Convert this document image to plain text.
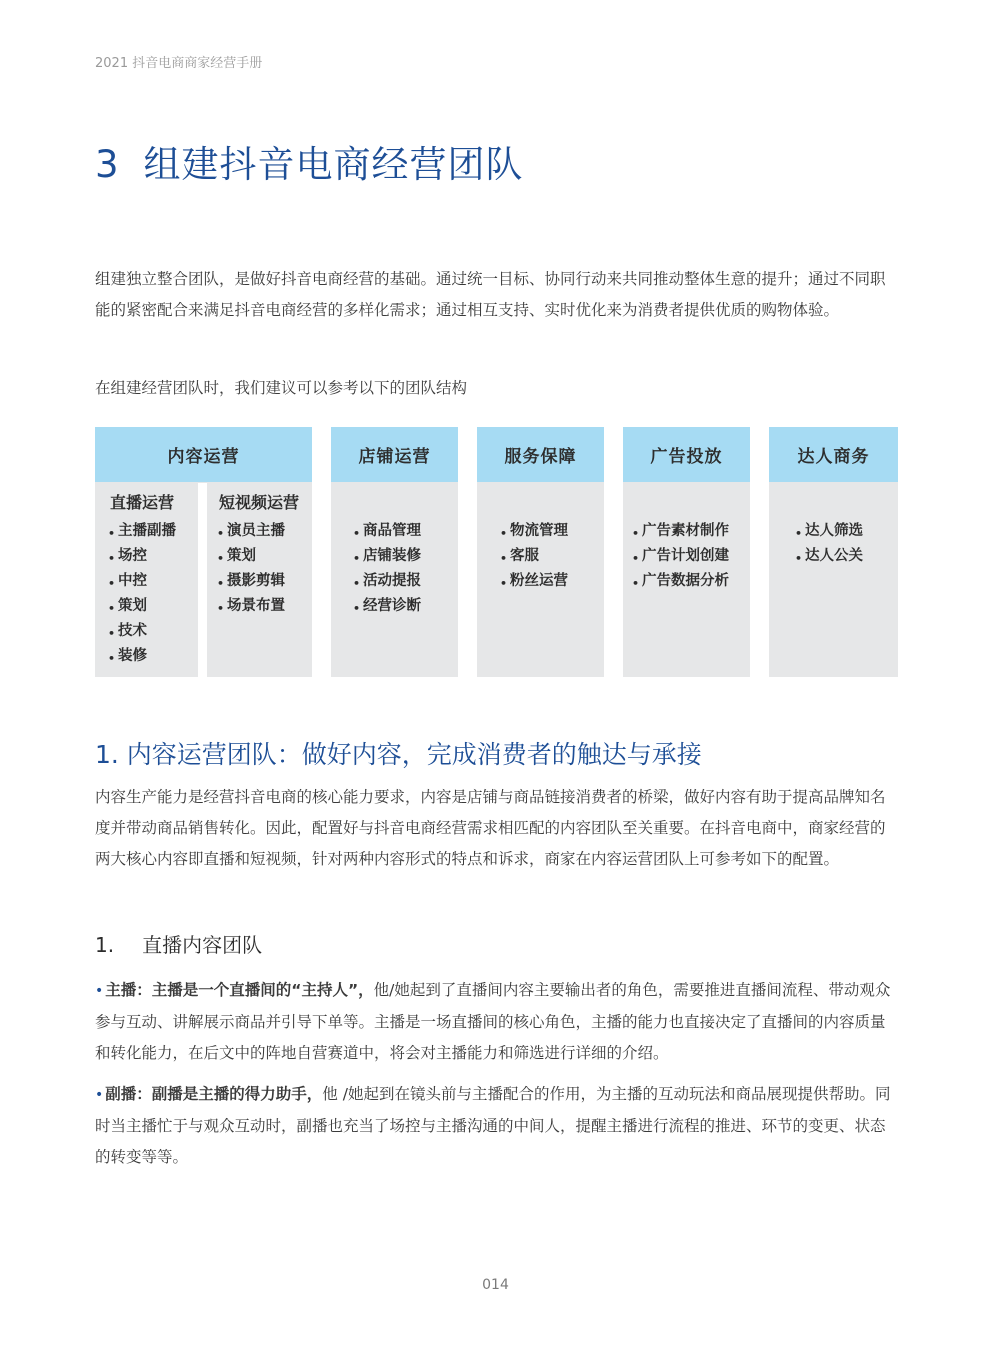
2021 抖音电商商家经营手册
3 组建抖音电商经营团队

组建独立整合团队，是做好抖音电商经营的基础。通过统一目标、协同行动来共同推动整体生意的提升；通过不同职能的紧密配合来满足抖音电商经营的多样化需求；通过相互支持、实时优化来为消费者提供优质的购物体验。

在组建经营团队时，我们建议可以参考以下的团队结构

内容运营
直播运营
• 主播副播
• 场控
• 中控
• 策划
• 技术
• 装修
短视频运营
• 演员主播
• 策划
• 摄影剪辑
• 场景布置
店铺运营
• 商品管理
• 店铺装修
• 活动提报
• 经营诊断
服务保障
• 物流管理
• 客服
• 粉丝运营
广告投放
• 广告素材制作
• 广告计划创建
• 广告数据分析
达人商务
• 达人筛选
• 达人公关
1. 内容运营团队：做好内容，完成消费者的触达与承接

内容生产能力是经营抖音电商的核心能力要求，内容是店铺与商品链接消费者的桥梁，做好内容有助于提高品牌知名度并带动商品销售转化。因此，配置好与抖音电商经营需求相匹配的内容团队至关重要。在抖音电商中，商家经营的两大核心内容即直播和短视频，针对两种内容形式的特点和诉求，商家在内容运营团队上可参考如下的配置。

1. 直播内容团队

• 主播：主播是一个直播间的“主持人”，他/她起到了直播间内容主要输出者的角色，需要推进直播间流程、带动观众参与互动、讲解展示商品并引导下单等。主播是一场直播间的核心角色，主播的能力也直接决定了直播间的内容质量和转化能力，在后文中的阵地自营赛道中，将会对主播能力和筛选进行详细的介绍。

• 副播：副播是主播的得力助手，他 /她起到在镜头前与主播配合的作用，为主播的互动玩法和商品展现提供帮助。同时当主播忙于与观众互动时，副播也充当了场控与主播沟通的中间人，提醒主播进行流程的推进、环节的变更、状态的转变等等。

014
